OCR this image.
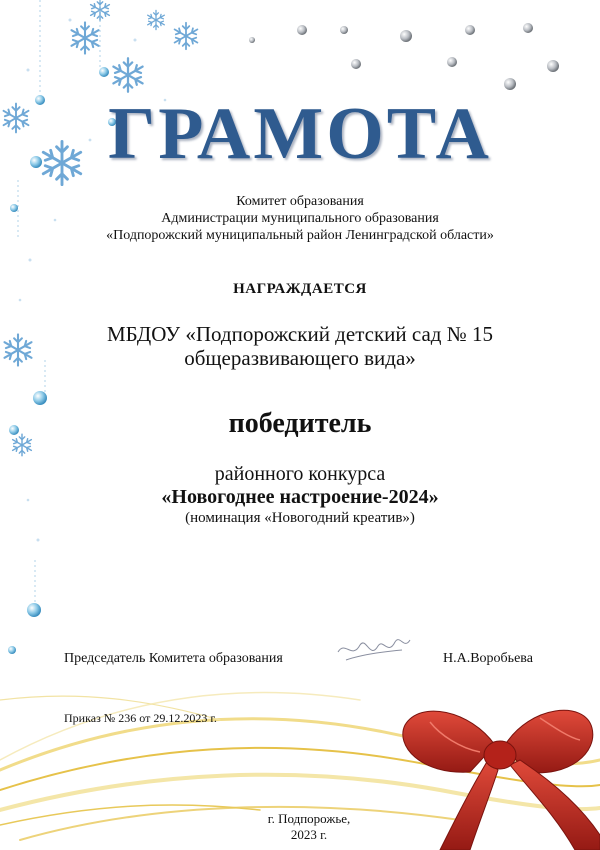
ГРАМОТА
Комитет образования
Администрации муниципального образования
«Подпорожский муниципальный район Ленинградской области»
НАГРАЖДАЕТСЯ
МБДОУ «Подпорожский детский сад № 15
общеразвивающего вида»
победитель
районного конкурса
«Новогоднее настроение-2024»
(номинация «Новогодний креатив»)
Председатель Комитета образования	Н.А.Воробьева
Приказ № 236 от 29.12.2023 г.
г. Подпорожье,
2023 г.
